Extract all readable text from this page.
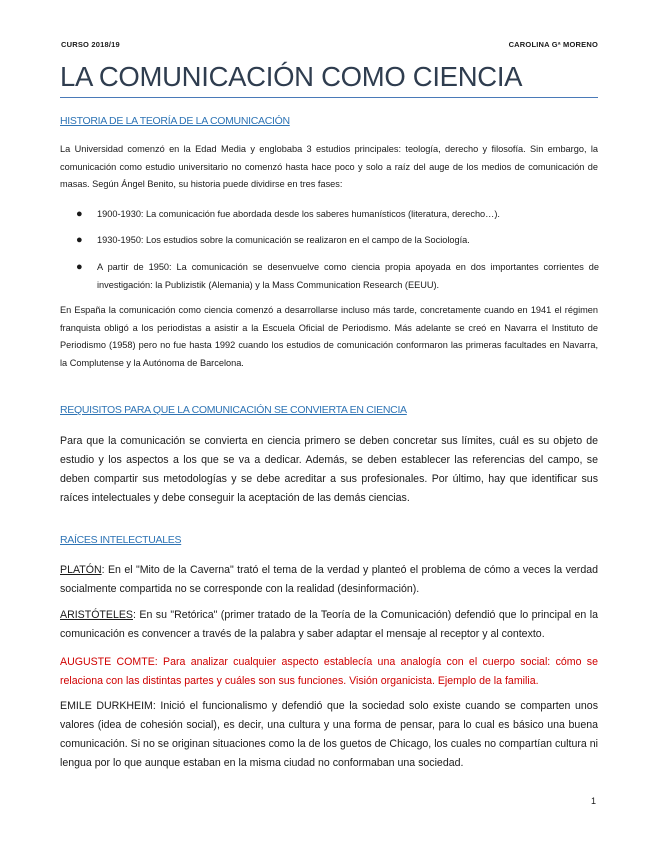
CURSO 2018/19	CAROLINA Gª MORENO
LA COMUNICACIÓN COMO CIENCIA
HISTORIA DE LA TEORÍA DE LA COMUNICACIÓN

La Universidad comenzó en la Edad Media y englobaba 3 estudios principales: teología, derecho y filosofía. Sin embargo, la comunicación como estudio universitario no comenzó hasta hace poco y solo a raíz del auge de los medios de comunicación de masas. Según Ángel Benito, su historia puede dividirse en tres fases:

● 1900-1930: La comunicación fue abordada desde los saberes humanísticos (literatura, derecho…).
● 1930-1950: Los estudios sobre la comunicación se realizaron en el campo de la Sociología.
● A partir de 1950: La comunicación se desenvuelve como ciencia propia apoyada en dos importantes corrientes de investigación: la Publizistik (Alemania) y la Mass Communication Research (EEUU).

En España la comunicación como ciencia comenzó a desarrollarse incluso más tarde, concretamente cuando en 1941 el régimen franquista obligó a los periodistas a asistir a la Escuela Oficial de Periodismo. Más adelante se creó en Navarra el Instituto de Periodismo (1958) pero no fue hasta 1992 cuando los estudios de comunicación conformaron las primeras facultades en Navarra, la Complutense y la Autónoma de Barcelona.

REQUISITOS PARA QUE LA COMUNICACIÓN SE CONVIERTA EN CIENCIA

Para que la comunicación se convierta en ciencia primero se deben concretar sus límites, cuál es su objeto de estudio y los aspectos a los que se va a dedicar. Además, se deben establecer las referencias del campo, se deben compartir sus metodologías y se debe acreditar a sus profesionales. Por último, hay que identificar sus raíces intelectuales y debe conseguir la aceptación de las demás ciencias.

RAÍCES INTELECTUALES

PLATÓN: En el "Mito de la Caverna" trató el tema de la verdad y planteó el problema de cómo a veces la verdad socialmente compartida no se corresponde con la realidad (desinformación).

ARISTÓTELES: En su "Retórica" (primer tratado de la Teoría de la Comunicación) defendió que lo principal en la comunicación es convencer a través de la palabra y saber adaptar el mensaje al receptor y al contexto.

AUGUSTE COMTE: Para analizar cualquier aspecto establecía una analogía con el cuerpo social: cómo se relaciona con las distintas partes y cuáles son sus funciones. Visión organicista. Ejemplo de la familia.

EMILE DURKHEIM: Inició el funcionalismo y defendió que la sociedad solo existe cuando se comparten unos valores (idea de cohesión social), es decir, una cultura y una forma de pensar, para lo cual es básico una buena comunicación. Si no se originan situaciones como la de los guetos de Chicago, los cuales no compartían cultura ni lengua por lo que aunque estaban en la misma ciudad no conformaban una sociedad.

1
